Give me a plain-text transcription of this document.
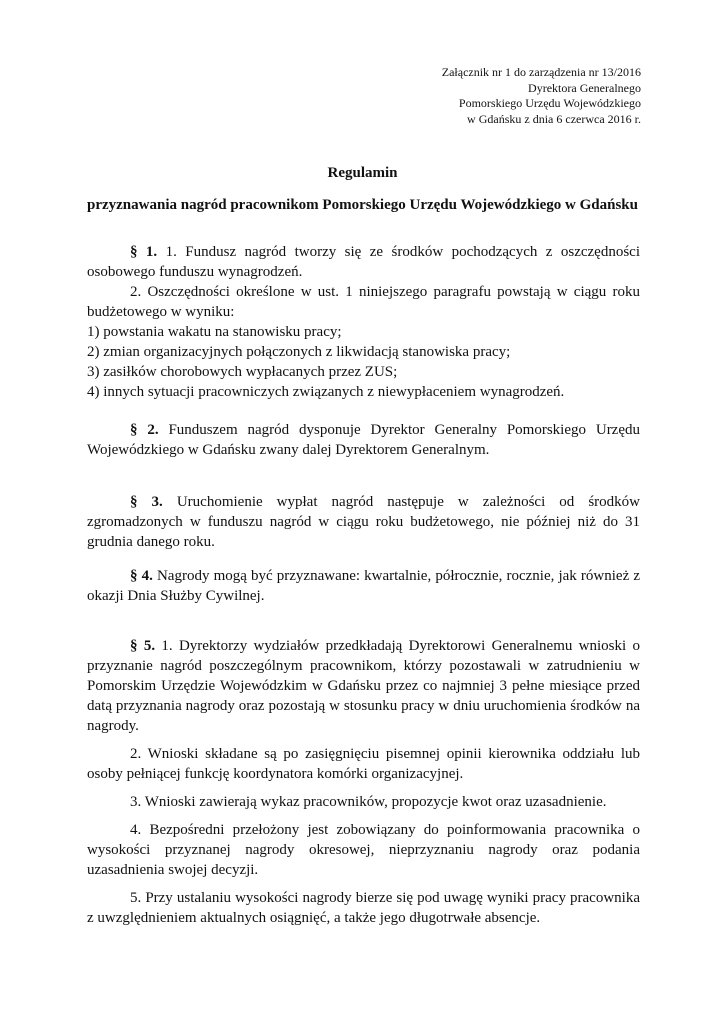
Załącznik nr 1 do zarządzenia nr 13/2016
Dyrektora Generalnego
Pomorskiego Urzędu Wojewódzkiego
w Gdańsku z dnia 6 czerwca 2016 r.
Regulamin
przyznawania nagród pracownikom Pomorskiego Urzędu Wojewódzkiego w Gdańsku

§ 1. 1. Fundusz nagród tworzy się ze środków pochodzących z oszczędności osobowego funduszu wynagrodzeń.

2. Oszczędności określone w ust. 1 niniejszego paragrafu powstają w ciągu roku budżetowego w wyniku:

1) powstania wakatu na stanowisku pracy;

2) zmian organizacyjnych połączonych z likwidacją stanowiska pracy;

3) zasiłków chorobowych wypłacanych przez ZUS;

4) innych sytuacji pracowniczych związanych z niewypłaceniem wynagrodzeń.

§ 2. Funduszem nagród dysponuje Dyrektor Generalny Pomorskiego Urzędu Wojewódzkiego w Gdańsku zwany dalej Dyrektorem Generalnym.

§ 3. Uruchomienie wypłat nagród następuje w zależności od środków zgromadzonych w funduszu nagród w ciągu roku budżetowego, nie później niż do 31 grudnia danego roku.

§ 4. Nagrody mogą być przyznawane: kwartalnie, półrocznie, rocznie, jak również z okazji Dnia Służby Cywilnej.

§ 5. 1. Dyrektorzy wydziałów przedkładają Dyrektorowi Generalnemu wnioski o przyznanie nagród poszczególnym pracownikom, którzy pozostawali w zatrudnieniu w Pomorskim Urzędzie Wojewódzkim w Gdańsku przez co najmniej 3 pełne miesiące przed datą przyznania nagrody oraz pozostają w stosunku pracy w dniu uruchomienia środków na nagrody.

2. Wnioski składane są po zasięgnięciu pisemnej opinii kierownika oddziału lub osoby pełniącej funkcję koordynatora komórki organizacyjnej.

3. Wnioski zawierają wykaz pracowników, propozycje kwot oraz uzasadnienie.

4. Bezpośredni przełożony jest zobowiązany do poinformowania pracownika o wysokości przyznanej nagrody okresowej, nieprzyznaniu nagrody oraz podania uzasadnienia swojej decyzji.

5. Przy ustalaniu wysokości nagrody bierze się pod uwagę wyniki pracy pracownika z uwzględnieniem aktualnych osiągnięć, a także jego długotrwałe absencje.
